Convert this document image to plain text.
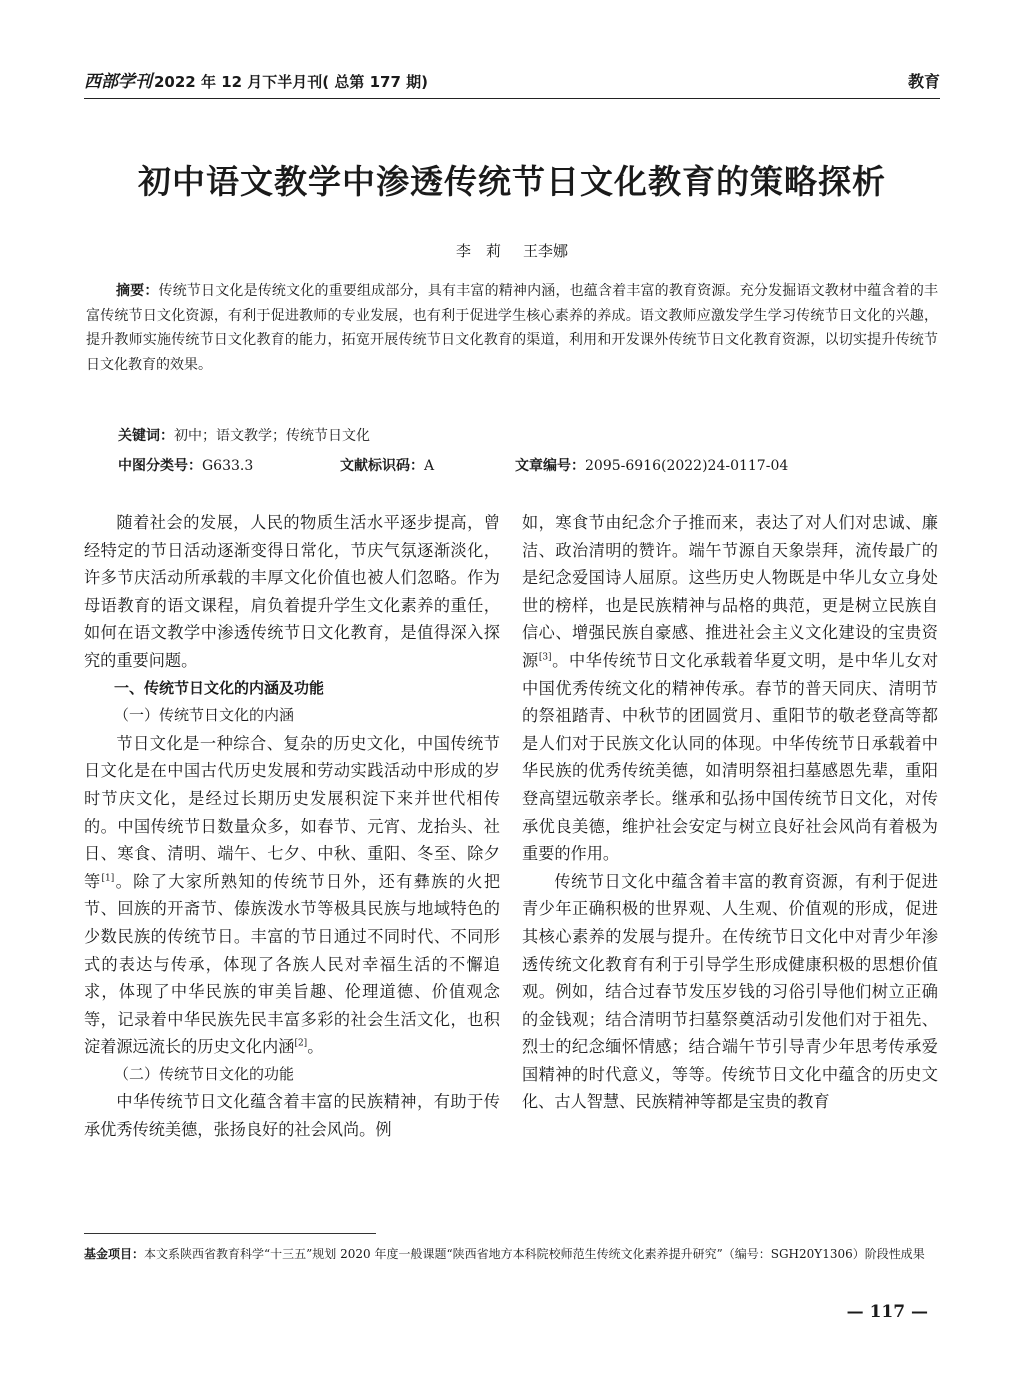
西部学刊 2022 年 12 月下半月刊( 总第 177 期)	教育
初中语文教学中渗透传统节日文化教育的策略探析
李　莉 王李娜

摘要：传统节日文化是传统文化的重要组成部分，具有丰富的精神内涵，也蕴含着丰富的教育资源。充分发掘语文教材中蕴含着的丰富传统节日文化资源，有利于促进教师的专业发展，也有利于促进学生核心素养的养成。语文教师应激发学生学习传统节日文化的兴趣，提升教师实施传统节日文化教育的能力，拓宽开展传统节日文化教育的渠道，利用和开发课外传统节日文化教育资源，以切实提升传统节日文化教育的效果。

关键词：初中；语文教学；传统节日文化
中图分类号：G633.3	文献标识码：A	文章编号：2095-6916(2022)24-0117-04

随着社会的发展，人民的物质生活水平逐步提高，曾经特定的节日活动逐渐变得日常化，节庆气氛逐渐淡化，许多节庆活动所承载的丰厚文化价值也被人们忽略。作为母语教育的语文课程，肩负着提升学生文化素养的重任，如何在语文教学中渗透传统节日文化教育，是值得深入探究的重要问题。

一、传统节日文化的内涵及功能

（一）传统节日文化的内涵

节日文化是一种综合、复杂的历史文化，中国传统节日文化是在中国古代历史发展和劳动实践活动中形成的岁时节庆文化，是经过长期历史发展积淀下来并世代相传的。中国传统节日数量众多，如春节、元宵、龙抬头、社日、寒食、清明、端午、七夕、中秋、重阳、冬至、除夕等[1]。除了大家所熟知的传统节日外，还有彝族的火把节、回族的开斋节、傣族泼水节等极具民族与地域特色的少数民族的传统节日。丰富的节日通过不同时代、不同形式的表达与传承，体现了各族人民对幸福生活的不懈追求，体现了中华民族的审美旨趣、伦理道德、价值观念等，记录着中华民族先民丰富多彩的社会生活文化，也积淀着源远流长的历史文化内涵[2]。

（二）传统节日文化的功能

中华传统节日文化蕴含着丰富的民族精神，有助于传承优秀传统美德，张扬良好的社会风尚。例

如，寒食节由纪念介子推而来，表达了对人们对忠诚、廉洁、政治清明的赞许。端午节源自天象崇拜，流传最广的是纪念爱国诗人屈原。这些历史人物既是中华儿女立身处世的榜样，也是民族精神与品格的典范，更是树立民族自信心、增强民族自豪感、推进社会主义文化建设的宝贵资源[3]。中华传统节日文化承载着华夏文明，是中华儿女对中国优秀传统文化的精神传承。春节的普天同庆、清明节的祭祖踏青、中秋节的团圆赏月、重阳节的敬老登高等都是人们对于民族文化认同的体现。中华传统节日承载着中华民族的优秀传统美德，如清明祭祖扫墓感恩先辈，重阳登高望远敬亲孝长。继承和弘扬中国传统节日文化，对传承优良美德，维护社会安定与树立良好社会风尚有着极为重要的作用。

传统节日文化中蕴含着丰富的教育资源，有利于促进青少年正确积极的世界观、人生观、价值观的形成，促进其核心素养的发展与提升。在传统节日文化中对青少年渗透传统文化教育有利于引导学生形成健康积极的思想价值观。例如，结合过春节发压岁钱的习俗引导他们树立正确的金钱观；结合清明节扫墓祭奠活动引发他们对于祖先、烈士的纪念缅怀情感；结合端午节引导青少年思考传承爱国精神的时代意义，等等。传统节日文化中蕴含的历史文化、古人智慧、民族精神等都是宝贵的教育

基金项目：本文系陕西省教育科学“十三五”规划 2020 年度一般课题“陕西省地方本科院校师范生传统文化素养提升研究”（编号：SGH20Y1306）阶段性成果

— 117 —
